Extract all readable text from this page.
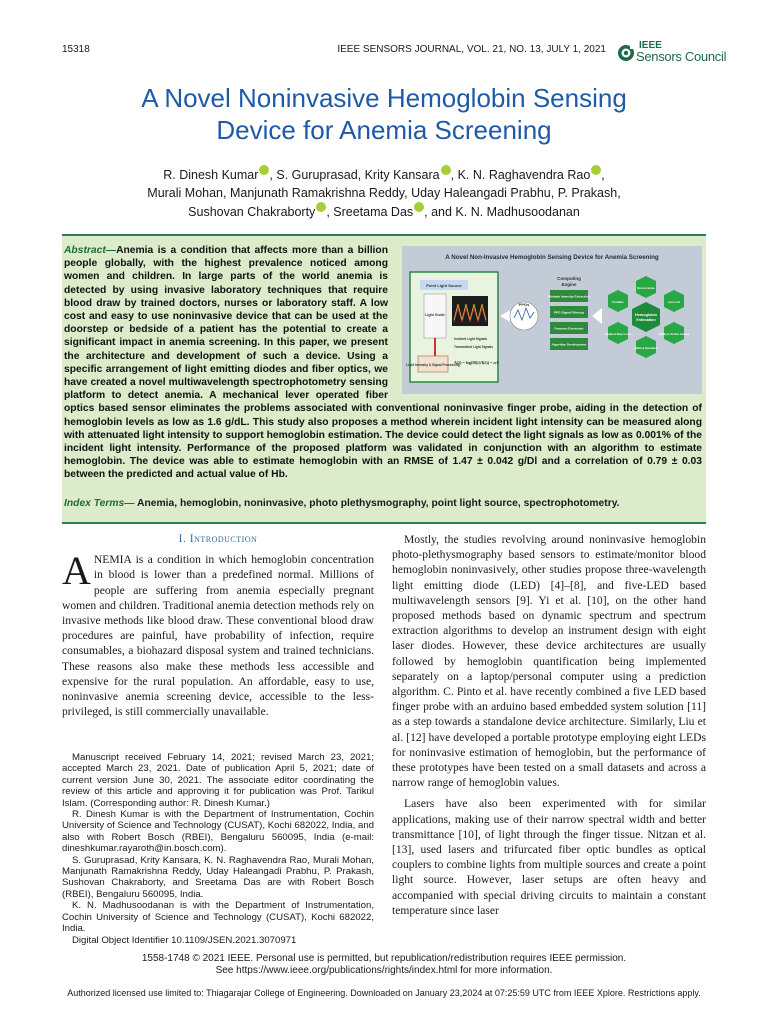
15318	IEEE SENSORS JOURNAL, VOL. 21, NO. 13, JULY 1, 2021	IEEE
Sensors Council
A Novel Noninvasive Hemoglobin Sensing
Device for Anemia Screening
R. Dinesh Kumar , S. Guruprasad, Krity Kansara , K. N. Raghavendra Rao ,
Murali Mohan, Manjunath Ramakrishna Reddy, Uday Haleangadi Prabhu, P. Prakash,
Sushovan Chakraborty , Sreetama Das , and K. N. Madhusoodanan
A Novel Non-Invasive Hemoglobin Sensing Device for Anemia Screening
Point Light Source
Light Guide
Light Intensity & Signal Processing
Incident Light Signals
Transmitted Light Signals
A(λ) = log(I0(λ)/I(λ)) = εcl
PPGs
Computing
Engine
Multiple Intensity Extraction
PPG Signal Filtering
Features Extraction
Algorithm Development
Hemoglobin
Estimation
Non-invasive
Low cost
Ability to Screen Anemia
Battery Operated
Simple & Easy to use
Portable
Abstract—Anemia is a condition that affects more than a billion people globally, with the highest prevalence noticed among women and children. In large parts of the world anemia is detected by using invasive laboratory techniques that require blood draw by trained doctors, nurses or laboratory staff. A low cost and easy to use noninvasive device that can be used at the doorstep or bedside of a patient has the potential to create a significant impact in anemia screening. In this paper, we present the architecture and development of such a device. Using a specific arrangement of light emitting diodes and fiber optics, we have created a novel multiwavelength spectrophotometry sensing platform to detect anemia. A mechanical lever operated fiber optics based sensor eliminates the problems associated with conventional noninvasive finger probe, aiding in the detection of hemoglobin levels as low as 1.6 g/dL. This study also proposes a method wherein incident light intensity can be measured along with attenuated light intensity to support hemoglobin estimation. The device could detect the light signals as low as 0.001% of the incident light intensity. Performance of the proposed platform was validated in conjunction with an algorithm to estimate hemoglobin. The device was able to estimate hemoglobin with an RMSE of 1.47 ± 0.042 g/Dl and a correlation of 0.79 ± 0.03 between the predicted and actual value of Hb.
Index Terms— Anemia, hemoglobin, noninvasive, photo plethysmography, point light source, spectrophotometry.
I. Introduction

ANEMIA is a condition in which hemoglobin concentration in blood is lower than a predefined normal. Millions of people are suffering from anemia especially pregnant women and children. Traditional anemia detection methods rely on invasive methods like blood draw. These conventional blood draw procedures are painful, have probability of infection, require consumables, a biohazard disposal system and trained technicians. These reasons also make these methods less accessible and expensive for the rural population. An affordable, easy to use, noninvasive anemia screening device, accessible to the less-privileged, is still commercially unavailable.

Manuscript received February 14, 2021; revised March 23, 2021; accepted March 23, 2021. Date of publication April 5, 2021; date of current version June 30, 2021. The associate editor coordinating the review of this article and approving it for publication was Prof. Tarikul Islam. (Corresponding author: R. Dinesh Kumar.)

R. Dinesh Kumar is with the Department of Instrumentation, Cochin University of Science and Technology (CUSAT), Kochi 682022, India, and also with Robert Bosch (RBEI), Bengaluru 560095, India (e-mail: dineshkumar.rayaroth@in.bosch.com).

S. Guruprasad, Krity Kansara, K. N. Raghavendra Rao, Murali Mohan, Manjunath Ramakrishna Reddy, Uday Haleangadi Prabhu, P. Prakash, Sushovan Chakraborty, and Sreetama Das are with Robert Bosch (RBEI), Bengaluru 560095, India.

K. N. Madhusoodanan is with the Department of Instrumentation, Cochin University of Science and Technology (CUSAT), Kochi 682022, India.

Digital Object Identifier 10.1109/JSEN.2021.3070971

Mostly, the studies revolving around noninvasive hemoglobin photo-plethysmography based sensors to estimate/monitor blood hemoglobin noninvasively, other studies propose three-wavelength light emitting diode (LED) [4]–[8], and five-LED based multiwavelength sensors [9]. Yi et al. [10], on the other hand proposed methods based on dynamic spectrum and spectrum extraction algorithms to develop an instrument design with eight laser diodes. However, these device architectures are usually followed by hemoglobin quantification being implemented separately on a laptop/personal computer using a prediction algorithm. C. Pinto et al. have recently combined a five LED based finger probe with an arduino based embedded system solution [11] as a step towards a standalone device architecture. Similarly, Liu et al. [12] have developed a portable prototype employing eight LEDs for noninvasive estimation of hemoglobin, but the performance of these prototypes have been tested on a small datasets and across a narrow range of hemoglobin values.

Lasers have also been experimented with for similar applications, making use of their narrow spectral width and better transmittance [10], of light through the finger tissue. Nitzan et al. [13], used lasers and trifurcated fiber optic bundles as optical couplers to combine lights from multiple sources and create a point light source. However, laser setups are often heavy and accompanied with special driving circuits to maintain a constant temperature since laser

1558-1748 © 2021 IEEE. Personal use is permitted, but republication/redistribution requires IEEE permission.
See https://www.ieee.org/publications/rights/index.html for more information.
Authorized licensed use limited to: Thiagarajar College of Engineering. Downloaded on January 23,2024 at 07:25:59 UTC from IEEE Xplore. Restrictions apply.
